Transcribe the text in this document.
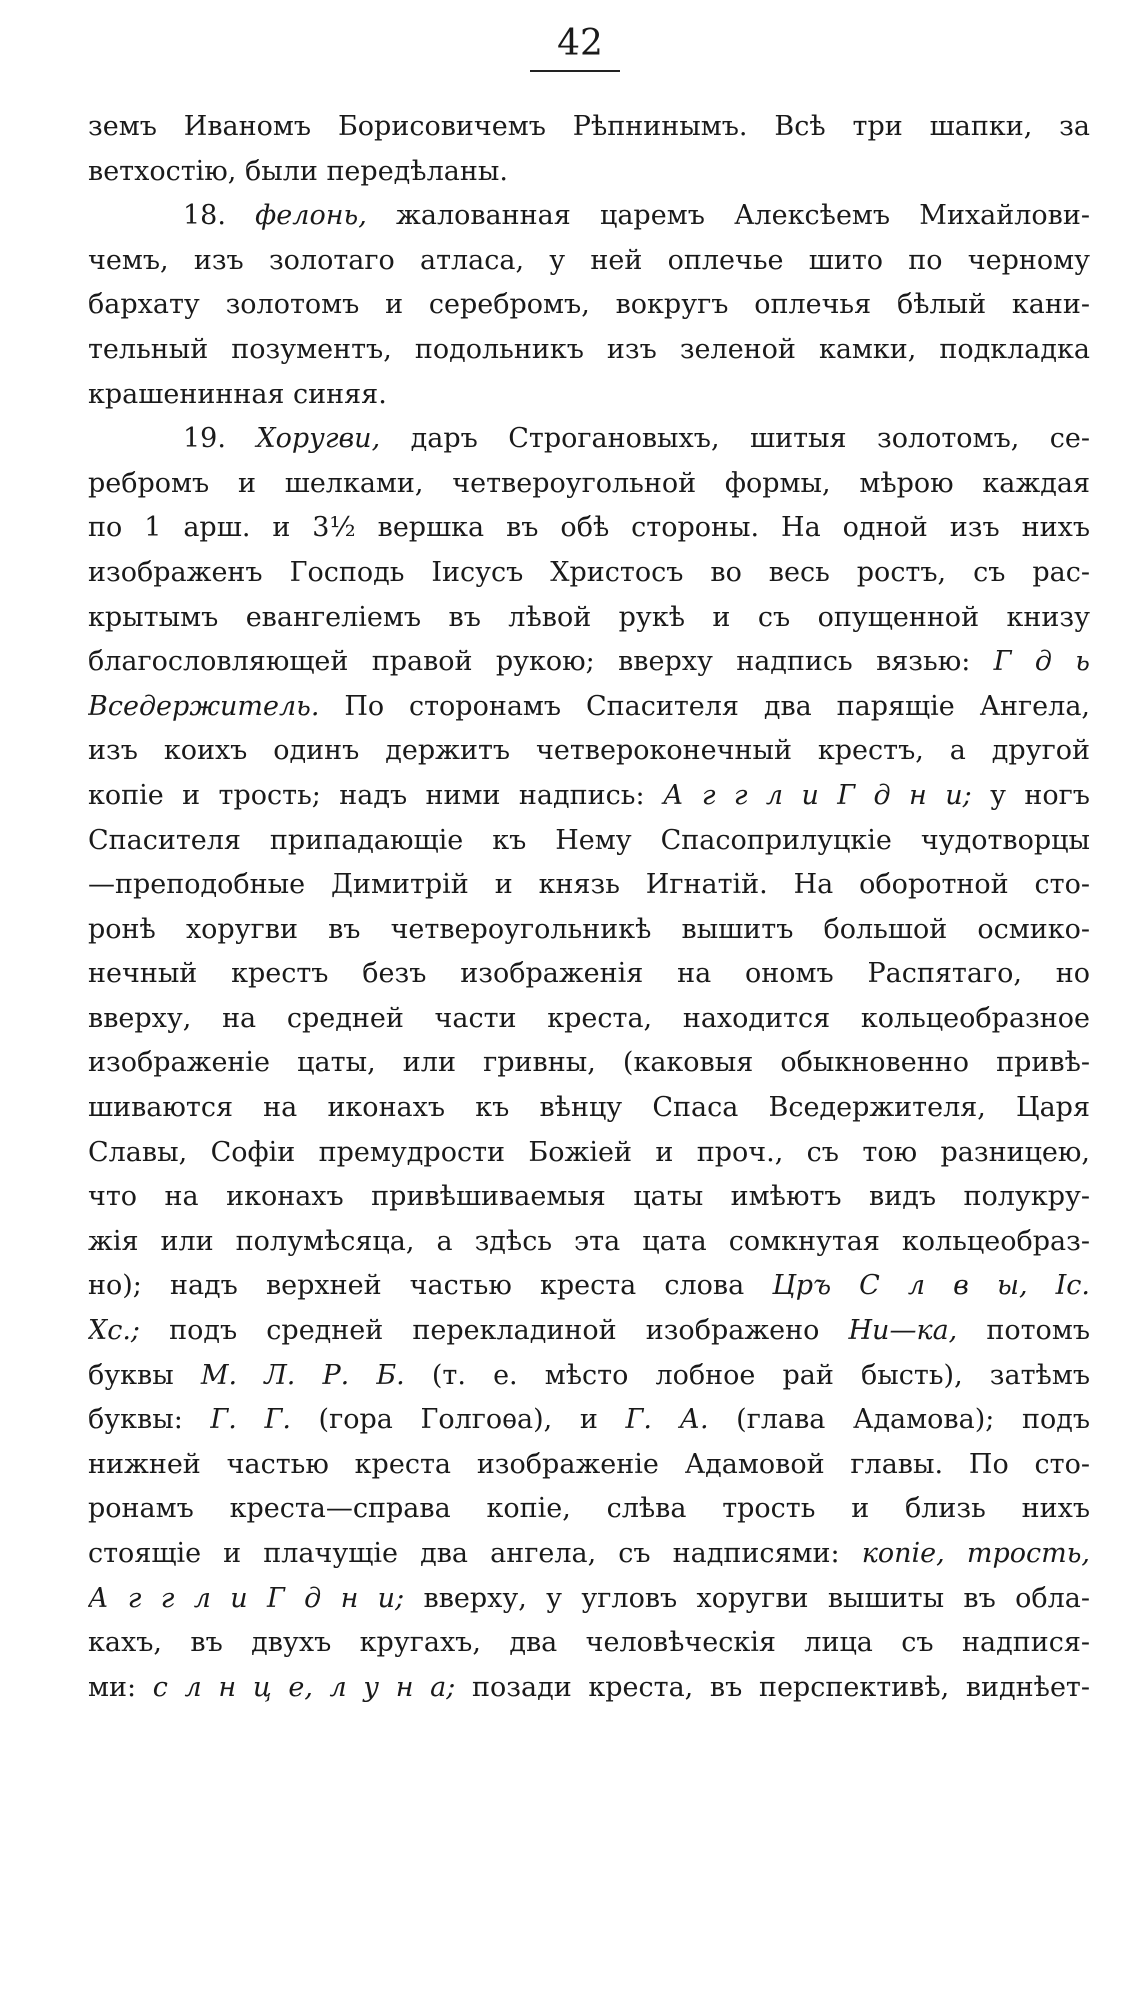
42
земъ Иваномъ Борисовичемъ Рѣпнинымъ. Всѣ три шапки, за
ветхостію, были передѣланы.
18. фелонь, жалованная царемъ Алексѣемъ Михайлови-
чемъ, изъ золотаго атласа, у ней оплечье шито по черному
бархату золотомъ и серебромъ, вокругъ оплечья бѣлый кани-
тельный позументъ, подольникъ изъ зеленой камки, подкладка
крашенинная синяя.
19. Хоругви, даръ Строгановыхъ, шитыя золотомъ, се-
ребромъ и шелками, четвероугольной формы, мѣрою каждая
по 1 арш. и 3½ вершка въ обѣ стороны. На одной изъ нихъ
изображенъ Господь Іисусъ Христосъ во весь ростъ, съ рас-
крытымъ евангеліемъ въ лѣвой рукѣ и съ опущенной книзу
благословляющей правой рукою; вверху надпись вязью: Г д ь
Вседержитель. По сторонамъ Спасителя два парящіе Ангела,
изъ коихъ одинъ держитъ четвероконечный крестъ, а другой
копіе и трость; надъ ними надпись: А г г л и Г д н и; у ногъ
Спасителя припадающіе къ Нему Спасоприлуцкіе чудотворцы
—преподобные Димитрій и князь Игнатій. На оборотной сто-
ронѣ хоругви въ четвероугольникѣ вышитъ большой осмико-
нечный крестъ безъ изображенія на ономъ Распятаго, но
вверху, на средней части креста, находится кольцеобразное
изображеніе цаты, или гривны, (каковыя обыкновенно привѣ-
шиваются на иконахъ къ вѣнцу Спаса Вседержителя, Царя
Славы, Софіи премудрости Божіей и проч., съ тою разницею,
что на иконахъ привѣшиваемыя цаты имѣютъ видъ полукру-
жія или полумѣсяца, а здѣсь эта цата сомкнутая кольцеобраз-
но); надъ верхней частью креста слова Цръ С л в ы, Іс.
Хс.; подъ средней перекладиной изображено Ни—ка, потомъ
буквы М. Л. Р. Б. (т. е. мѣсто лобное рай бысть), затѣмъ
буквы: Г. Г. (гора Голгоѳа), и Г. А. (глава Адамова); подъ
нижней частью креста изображеніе Адамовой главы. По сто-
ронамъ креста—справа копіе, слѣва трость и близь нихъ
стоящіе и плачущіе два ангела, съ надписями: копіе, трость,
А г г л и Г д н и; вверху, у угловъ хоругви вышиты въ обла-
кахъ, въ двухъ кругахъ, два человѣческія лица съ надпися-
ми: с л н ц е, л у н а; позади креста, въ перспективѣ, виднѣет-
